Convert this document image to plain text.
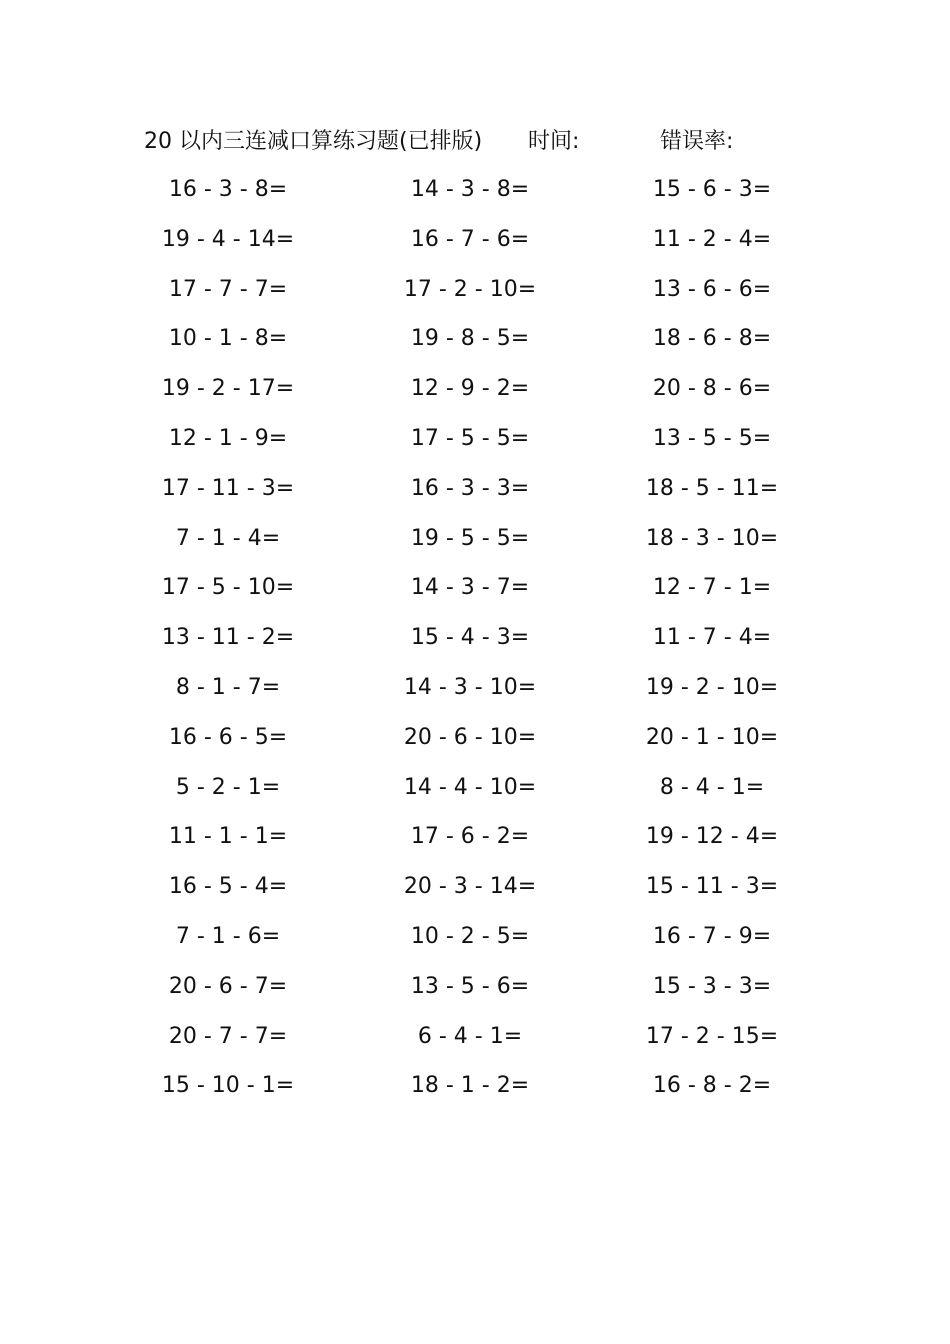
20 以内三连减口算练习题(已排版) 时间:	错误率:
16 - 3 - 8=	14 - 3 - 8=	15 - 6 - 3=
19 - 4 - 14=	16 - 7 - 6=	11 - 2 - 4=
17 - 7 - 7=	17 - 2 - 10=	13 - 6 - 6=
10 - 1 - 8=	19 - 8 - 5=	18 - 6 - 8=
19 - 2 - 17=	12 - 9 - 2=	20 - 8 - 6=
12 - 1 - 9=	17 - 5 - 5=	13 - 5 - 5=
17 - 11 - 3=	16 - 3 - 3=	18 - 5 - 11=
7 - 1 - 4=	19 - 5 - 5=	18 - 3 - 10=
17 - 5 - 10=	14 - 3 - 7=	12 - 7 - 1=
13 - 11 - 2=	15 - 4 - 3=	11 - 7 - 4=
8 - 1 - 7=	14 - 3 - 10=	19 - 2 - 10=
16 - 6 - 5=	20 - 6 - 10=	20 - 1 - 10=
5 - 2 - 1=	14 - 4 - 10=	8 - 4 - 1=
11 - 1 - 1=	17 - 6 - 2=	19 - 12 - 4=
16 - 5 - 4=	20 - 3 - 14=	15 - 11 - 3=
7 - 1 - 6=	10 - 2 - 5=	16 - 7 - 9=
20 - 6 - 7=	13 - 5 - 6=	15 - 3 - 3=
20 - 7 - 7=	6 - 4 - 1=	17 - 2 - 15=
15 - 10 - 1=	18 - 1 - 2=	16 - 8 - 2=
